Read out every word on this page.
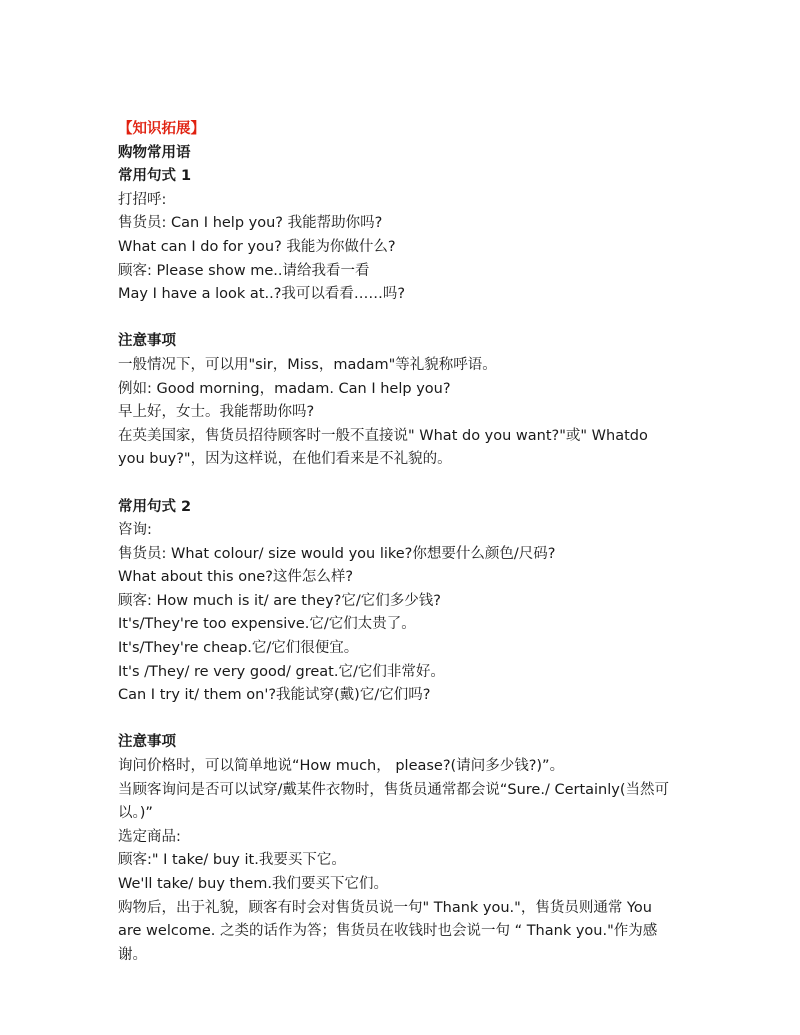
【知识拓展】

购物常用语

常用句式 1

打招呼:

售货员: Can I help you? 我能帮助你吗?

What can I do for you? 我能为你做什么?

顾客: Please show me..请给我看一看

May I have a look at..?我可以看看……吗?

注意事项

一般情况下，可以用"sir，Miss，madam"等礼貌称呼语。

例如: Good morning，madam. Can I help you?

早上好，女士。我能帮助你吗?

在英美国家，售货员招待顾客时一般不直接说" What do you want?"或" Whatdo you buy?"，因为这样说，在他们看来是不礼貌的。

常用句式 2

咨询:

售货员: What colour/ size would you like?你想要什么颜色/尺码?

What about this one?这件怎么样?

顾客: How much is it/ are they?它/它们多少钱?

It's/They're too expensive.它/它们太贵了。

It's/They're cheap.它/它们很便宜。

It's /They/ re very good/ great.它/它们非常好。

Can I try it/ them on'?我能试穿(戴)它/它们吗?

注意事项

询问价格时，可以简单地说“How much， please?(请问多少钱?)”。

当顾客询问是否可以试穿/戴某件衣物时，售货员通常都会说“Sure./ Certainly(当然可以。)”

选定商品:

顾客:" I take/ buy it.我要买下它。

We'll take/ buy them.我们要买下它们。

购物后，出于礼貌，顾客有时会对售货员说一句" Thank you."，售货员则通常 You are welcome. 之类的话作为答；售货员在收钱时也会说一句 “ Thank you."作为感谢。
